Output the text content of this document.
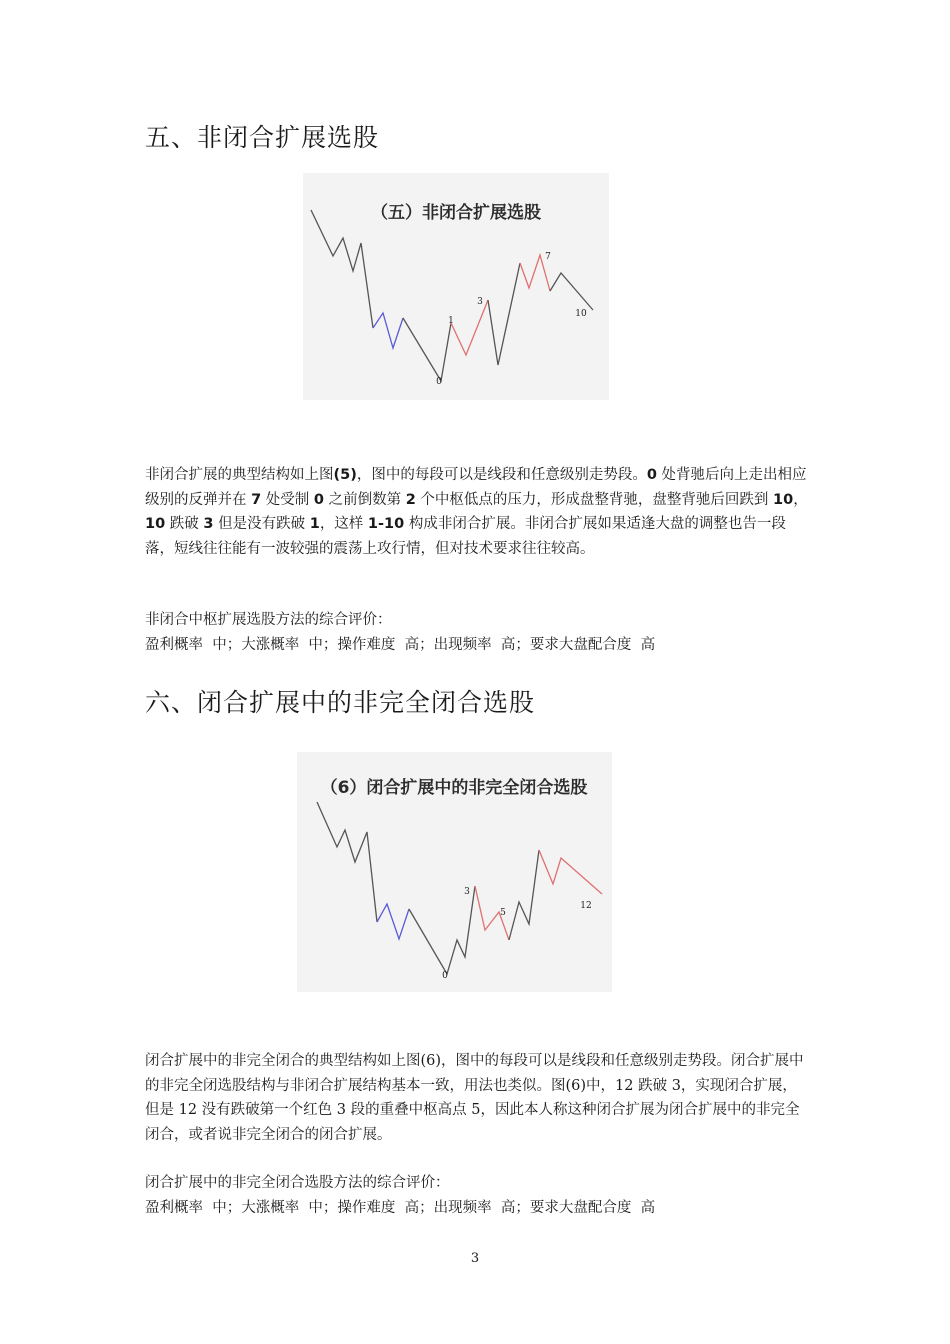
五、非闭合扩展选股
（五）非闭合扩展选股
0
1
3
7
10

非闭合扩展的典型结构如上图(5)，图中的每段可以是线段和任意级别走势段。0 处背驰后向上走出相应级别的反弹并在 7 处受制 0 之前倒数第 2 个中枢低点的压力，形成盘整背驰，盘整背驰后回跌到 10，10 跌破 3 但是没有跌破 1，这样 1-10 构成非闭合扩展。非闭合扩展如果适逢大盘的调整也告一段落，短线往往能有一波较强的震荡上攻行情，但对技术要求往往较高。

非闭合中枢扩展选股方法的综合评价：

盈利概率  中；大涨概率  中；操作难度  高；出现频率  高；要求大盘配合度  高

六、闭合扩展中的非完全闭合选股
（6）闭合扩展中的非完全闭合选股
0
3
5
12

闭合扩展中的非完全闭合的典型结构如上图(6)，图中的每段可以是线段和任意级别走势段。闭合扩展中的非完全闭选股结构与非闭合扩展结构基本一致，用法也类似。图(6)中，12 跌破 3，实现闭合扩展，但是 12 没有跌破第一个红色 3 段的重叠中枢高点 5，因此本人称这种闭合扩展为闭合扩展中的非完全闭合，或者说非完全闭合的闭合扩展。

闭合扩展中的非完全闭合选股方法的综合评价：

盈利概率  中；大涨概率  中；操作难度  高；出现频率  高；要求大盘配合度  高

3
